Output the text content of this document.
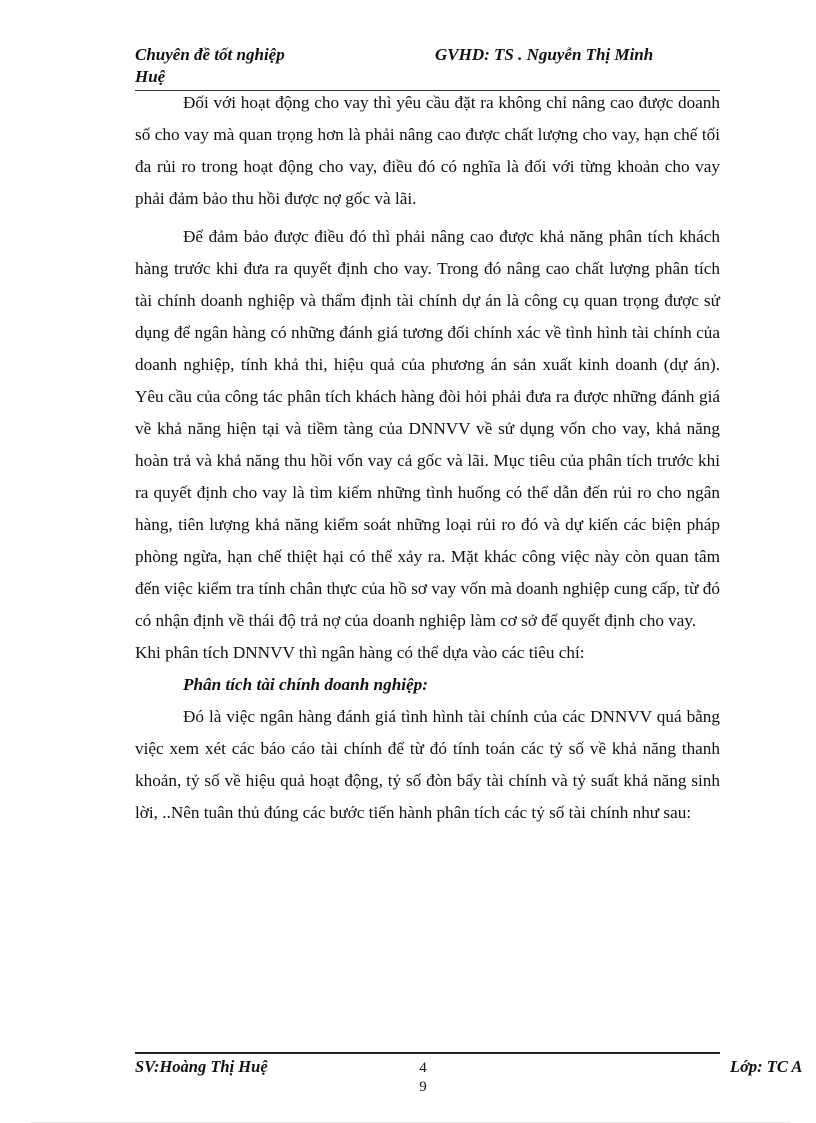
Chuyên đề tốt nghiệp
Huệ
GVHD: TS . Nguyễn Thị Minh

Đối với hoạt động cho vay thì yêu cầu đặt ra không chỉ nâng cao được doanh số cho vay mà quan trọng hơn là phải nâng cao được chất lượng cho vay, hạn chế tối đa rủi ro trong hoạt động cho vay, điều đó có nghĩa là đối với từng khoản cho vay phải đảm bảo thu hồi được nợ gốc và lãi.

Để đảm bảo được điều đó thì phải nâng cao được khả năng phân tích khách hàng trước khi đưa ra quyết định cho vay. Trong đó nâng cao chất lượng phân tích tài chính doanh nghiệp và thẩm định tài chính dự án là công cụ quan trọng được sử dụng để ngân hàng có những đánh giá tương đối chính xác về tình hình tài chính của doanh nghiệp, tính khả thi, hiệu quả của phương án sản xuất kinh doanh (dự án). Yêu cầu của công tác phân tích khách hàng đòi hỏi phải đưa ra được những đánh giá về khả năng hiện tại và tiềm tàng của DNNVV về sử dụng vốn cho vay, khả năng hoàn trả và khả năng thu hồi vốn vay cả gốc và lãi. Mục tiêu của phân tích trước khi ra quyết định cho vay là tìm kiếm những tình huống có thể dẫn đến rủi ro cho ngân hàng, tiên lượng khả năng kiểm soát những loại rủi ro đó và dự kiến các biện pháp phòng ngừa, hạn chế thiệt hại có thể xảy ra. Mặt khác công việc này còn quan tâm đến việc kiểm tra tính chân thực của hồ sơ vay vốn mà doanh nghiệp cung cấp, từ đó có nhận định về thái độ trả nợ của doanh nghiệp làm cơ sở để quyết định cho vay.

Khi phân tích DNNVV thì ngân hàng có thể dựa vào các tiêu chí:

Phân tích tài chính doanh nghiệp:

Đó là việc ngân hàng đánh giá tình hình tài chính của các DNNVV quá bằng việc xem xét các báo cáo tài chính để từ đó tính toán các tỷ số về khả năng thanh khoản, tỷ số về hiệu quả hoạt động, tỷ số đòn bẩy tài chính và tỷ suất khả năng sinh lời, ..Nên tuân thủ đúng các bước tiến hành phân tích các tỷ số tài chính như sau:

SV:Hoàng Thị Huệ	4
9
Lớp: TC A
